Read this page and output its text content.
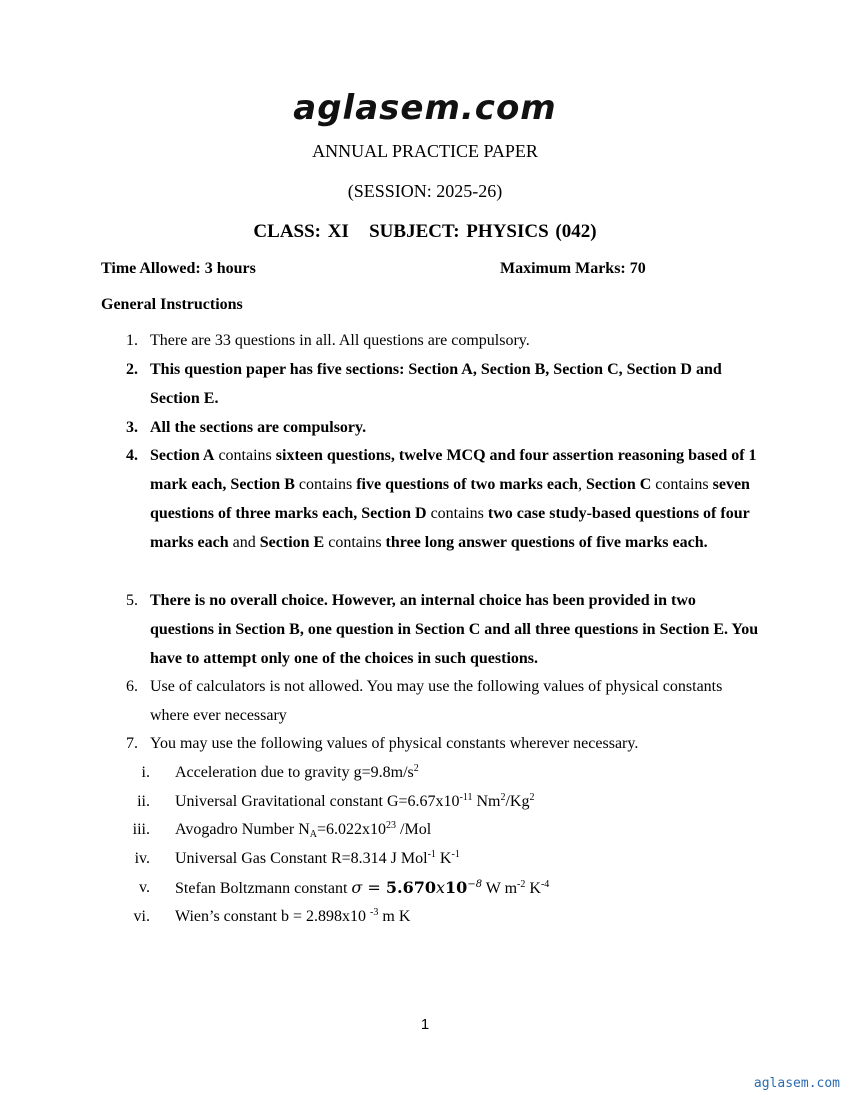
aglasem.com
ANNUAL PRACTICE PAPER
(SESSION: 2025-26)
CLASS: XI   SUBJECT: PHYSICS (042)
Time Allowed: 3 hours	Maximum Marks: 70
General Instructions
1. There are 33 questions in all. All questions are compulsory.
2. This question paper has five sections: Section A, Section B, Section C, Section D and Section E.
3. All the sections are compulsory.
4. Section A contains sixteen questions, twelve MCQ and four assertion reasoning based of 1 mark each, Section B contains five questions of two marks each, Section C contains seven questions of three marks each, Section D contains two case study-based questions of four marks each and Section E contains three long answer questions of five marks each.
5. There is no overall choice. However, an internal choice has been provided in two questions in Section B, one question in Section C and all three questions in Section E. You have to attempt only one of the choices in such questions.
6. Use of calculators is not allowed. You may use the following values of physical constants where ever necessary
7. You may use the following values of physical constants wherever necessary.
i. Acceleration due to gravity $g=9.8m/s^2$
ii. Universal Gravitational constant $G=6.67x10^{-11}$ Nm$^2$/Kg$^2$
iii. Avogadro Number $N_A=6.022x10^{23}$ /Mol
iv. Universal Gas Constant R=8.314 J Mol$^{-1}$ $K^{-1}$
v. Stefan Boltzmann constant $\sigma = 5.670x10^{-8}$ W $m^{-2}$ $K^{-4}$
vi. Wien’s constant b = 2.898x10 $^{-3}$ m K
1
aglasem.com
